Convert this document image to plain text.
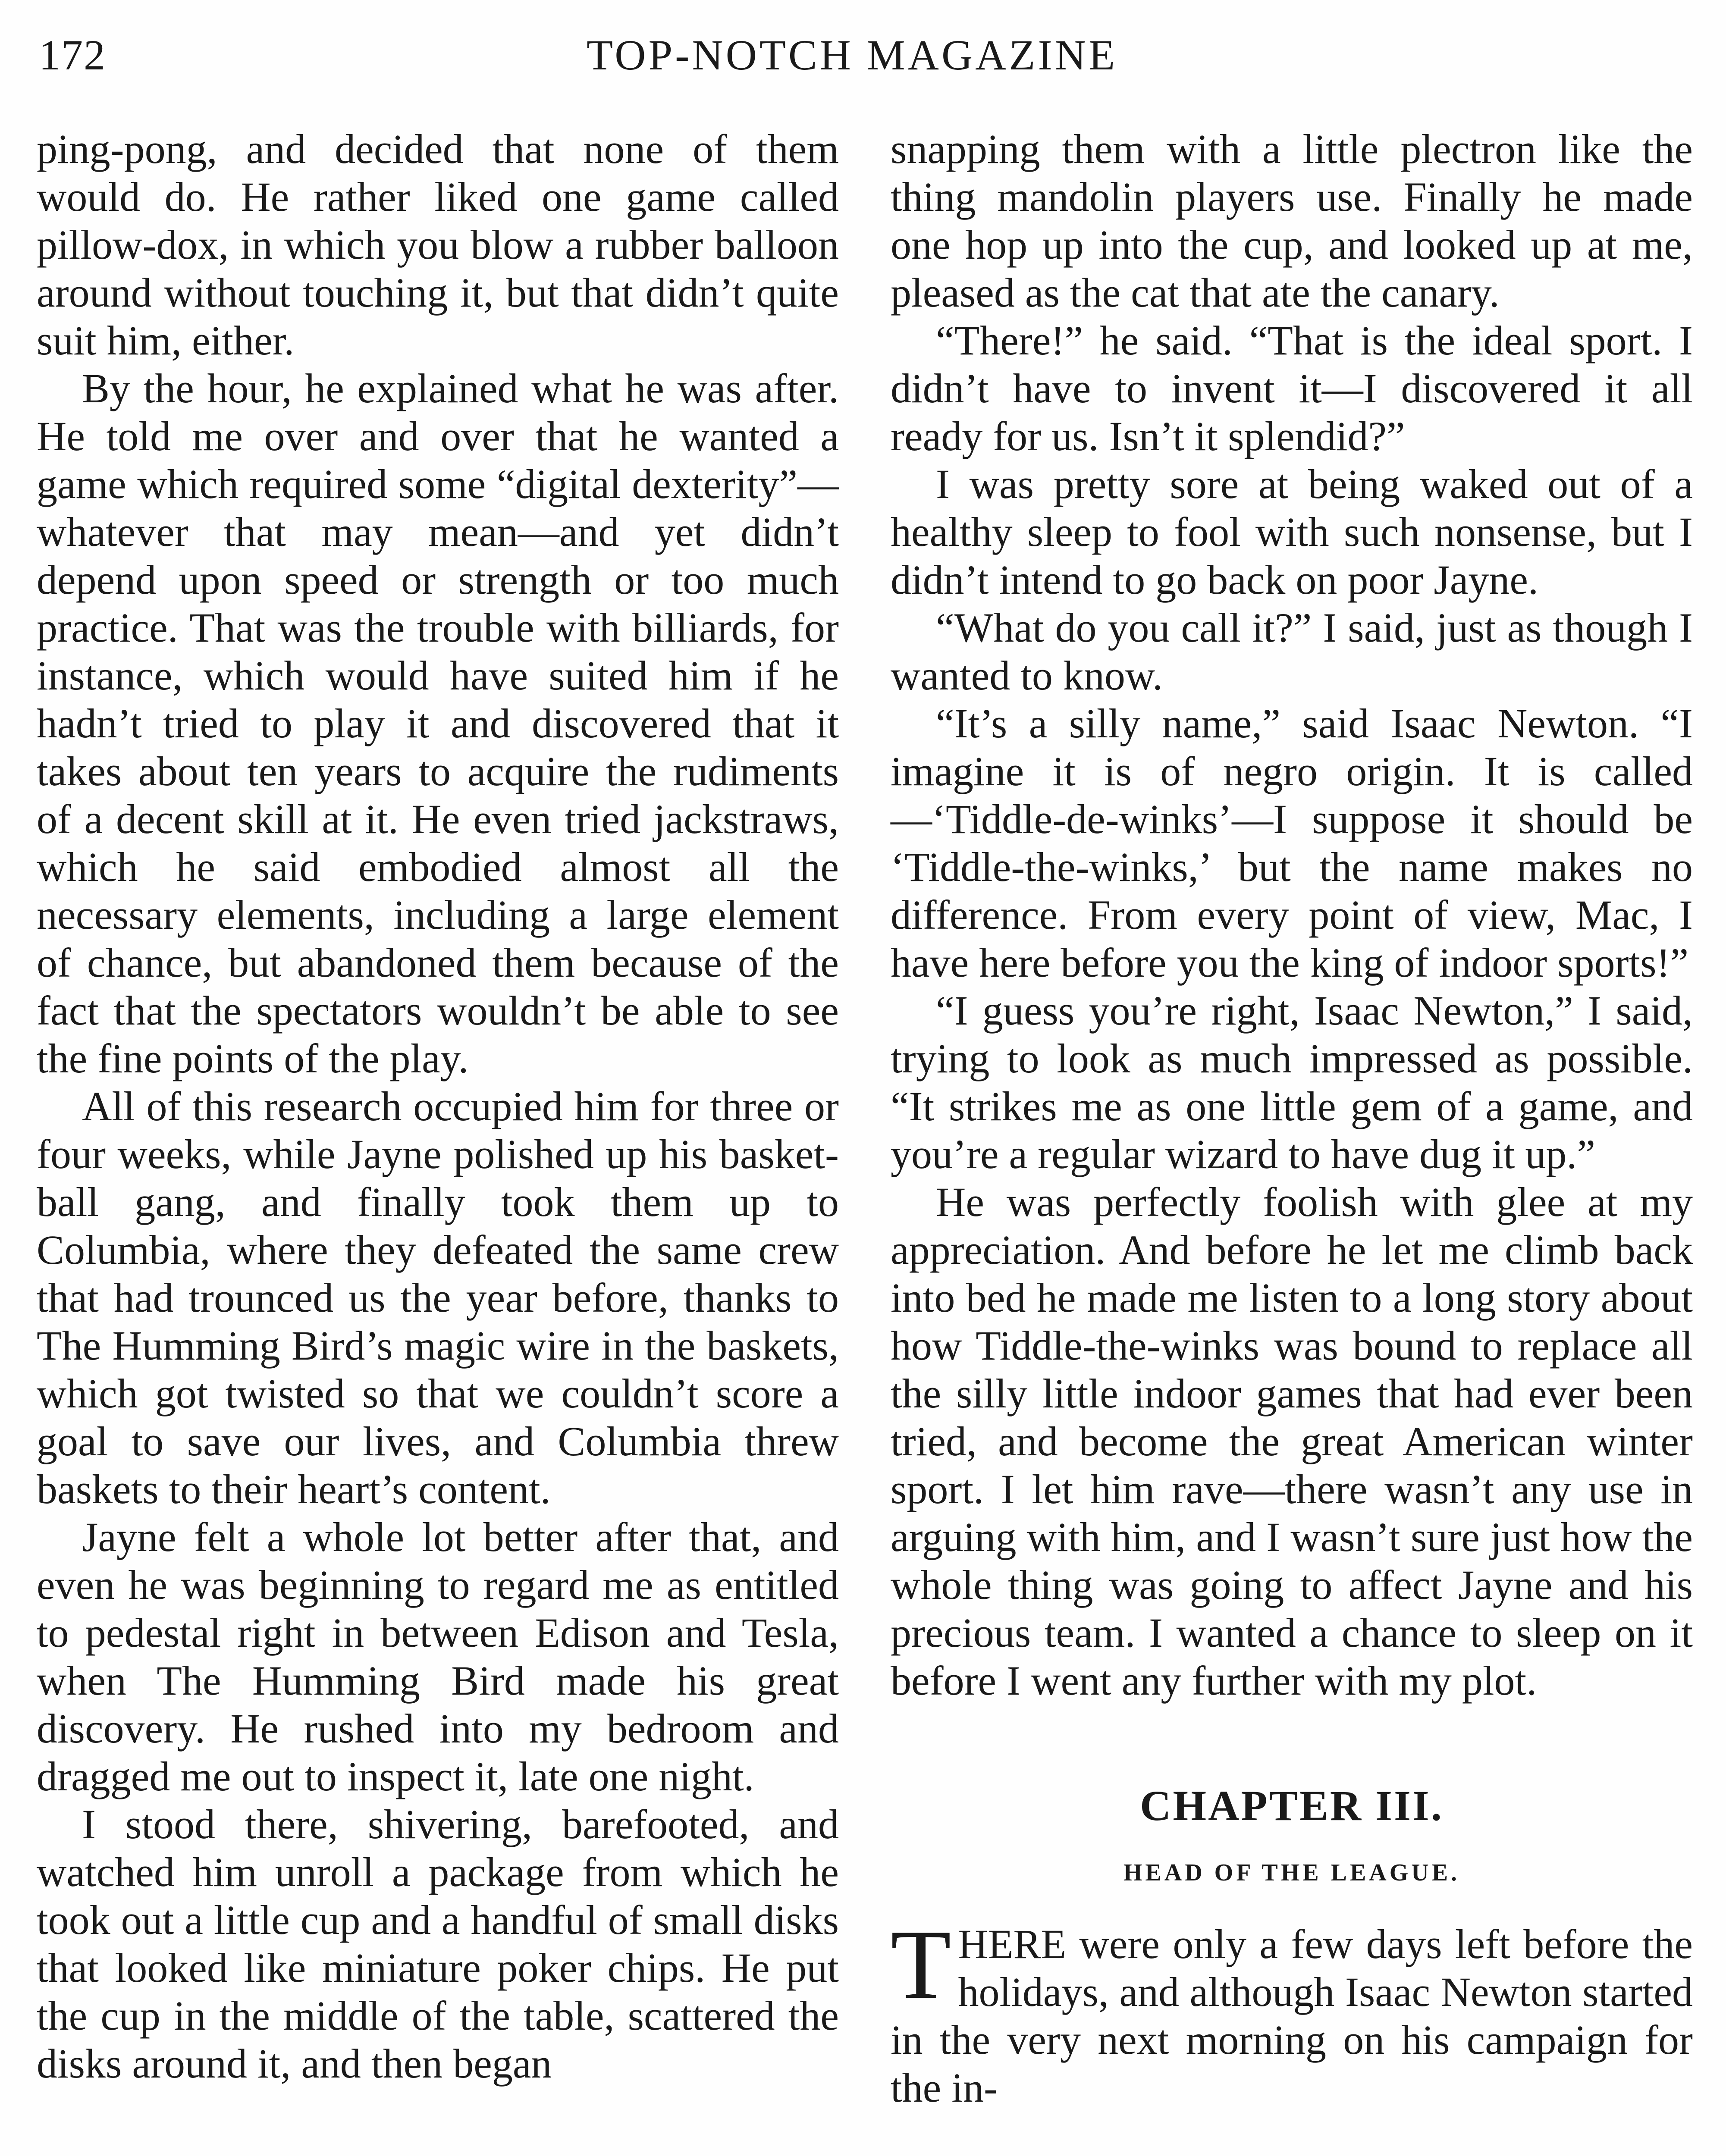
172	TOP-NOTCH MAGAZINE

ping-pong, and decided that none of them would do. He rather liked one game called pillow-dox, in which you blow a rubber balloon around without touching it, but that didn’t quite suit him, either.

By the hour, he explained what he was after. He told me over and over that he wanted a game which required some “digital dexterity”—whatever that may mean—and yet didn’t depend upon speed or strength or too much practice. That was the trouble with billiards, for instance, which would have suited him if he hadn’t tried to play it and discovered that it takes about ten years to acquire the rudiments of a decent skill at it. He even tried jackstraws, which he said embodied almost all the necessary elements, including a large element of chance, but abandoned them because of the fact that the spectators wouldn’t be able to see the fine points of the play.

All of this research occupied him for three or four weeks, while Jayne polished up his basket-ball gang, and finally took them up to Columbia, where they defeated the same crew that had trounced us the year before, thanks to The Humming Bird’s magic wire in the baskets, which got twisted so that we couldn’t score a goal to save our lives, and Columbia threw baskets to their heart’s content.

Jayne felt a whole lot better after that, and even he was beginning to regard me as entitled to pedestal right in between Edison and Tesla, when The Humming Bird made his great discovery. He rushed into my bedroom and dragged me out to inspect it, late one night.

I stood there, shivering, barefooted, and watched him unroll a package from which he took out a little cup and a handful of small disks that looked like miniature poker chips. He put the cup in the middle of the table, scattered the disks around it, and then began

snapping them with a little plectron like the thing mandolin players use. Finally he made one hop up into the cup, and looked up at me, pleased as the cat that ate the canary.

“There!” he said. “That is the ideal sport. I didn’t have to invent it—I discovered it all ready for us. Isn’t it splendid?”

I was pretty sore at being waked out of a healthy sleep to fool with such nonsense, but I didn’t intend to go back on poor Jayne.

“What do you call it?” I said, just as though I wanted to know.

“It’s a silly name,” said Isaac Newton. “I imagine it is of negro origin. It is called—‘Tiddle-de-winks’—I suppose it should be ‘Tiddle-the-winks,’ but the name makes no difference. From every point of view, Mac, I have here before you the king of indoor sports!”

“I guess you’re right, Isaac Newton,” I said, trying to look as much impressed as possible. “It strikes me as one little gem of a game, and you’re a regular wizard to have dug it up.”

He was perfectly foolish with glee at my appreciation. And before he let me climb back into bed he made me listen to a long story about how Tiddle-the-winks was bound to replace all the silly little indoor games that had ever been tried, and become the great American winter sport. I let him rave—there wasn’t any use in arguing with him, and I wasn’t sure just how the whole thing was going to affect Jayne and his precious team. I wanted a chance to sleep on it before I went any further with my plot.

CHAPTER III.
HEAD OF THE LEAGUE.

THERE were only a few days left before the holidays, and although Isaac Newton started in the very next morning on his campaign for the in-
